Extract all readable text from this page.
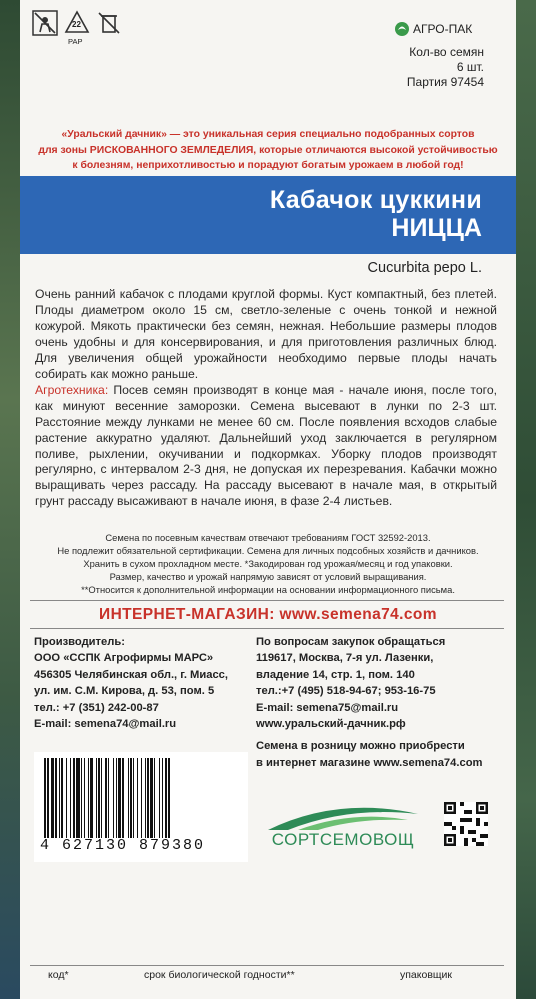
22
PAP
АГРО-ПАК
Кол-во семян
6 шт.
Партия 97454
«Уральский дачник» — это уникальная серия специально подобранных сортов
для зоны РИСКОВАННОГО ЗЕМЛЕДЕЛИЯ, которые отличаются высокой устойчивостью
к болезням, неприхотливостью и порадуют богатым урожаем в любой год!
Кабачок цуккини
НИЦЦА
Cucurbita pepo L.
Очень ранний кабачок с плодами круглой формы. Куст компактный, без плетей. Плоды диаметром около 15 см, светло-зеленые с очень тонкой и нежной кожурой. Мякоть практически без семян, нежная. Небольшие размеры плодов очень удобны и для консервирования, и для приготовления различных блюд. Для увеличения общей урожайности необходимо первые плоды начать собирать как можно раньше.
Агротехника: Посев семян производят в конце мая - начале июня, после того, как минуют весенние заморозки. Семена высевают в лунки по 2-3 шт. Расстояние между лунками не менее 60 см. После появления всходов слабые растение аккуратно удаляют. Дальнейший уход заключается в регулярном поливе, рыхлении, окучивании и подкормках. Уборку плодов производят регулярно, с интервалом 2-3 дня, не допуская их перезревания. Кабачки можно выращивать через рассаду. На рассаду высевают в начале мая, в открытый грунт рассаду высаживают в начале июня, в фазе 2-4 листьев.
Семена по посевным качествам отвечают требованиям ГОСТ 32592-2013.
Не подлежит обязательной сертификации. Семена для личных подсобных хозяйств и дачников.
Хранить в сухом прохладном месте. *Закодирован год урожая/месяц и год упаковки.
Размер, качество и урожай напрямую зависят от условий выращивания.
**Относится к дополнительной информации на основании информационного письма.
ИНТЕРНЕТ-МАГАЗИН: www.semena74.com
Производитель:
ООО «ССПК Агрофирмы МАРС»
456305 Челябинская обл., г. Миасс,
ул. им. С.М. Кирова, д. 53, пом. 5
тел.: +7 (351) 242-00-87
E-mail: semena74@mail.ru
По вопросам закупок обращаться
119617, Москва, 7-я ул. Лазенки,
владение 14, стр. 1, пом. 140
тел.:+7 (495) 518-94-67; 953-16-75
E-mail: semena75@mail.ru
www.уральский-дачник.рф
Семена в розницу можно приобрести
в интернет магазине www.semena74.com
4 627130 879380	СОРТСЕМОВОЩ
код*	срок биологической годности**	упаковщик
